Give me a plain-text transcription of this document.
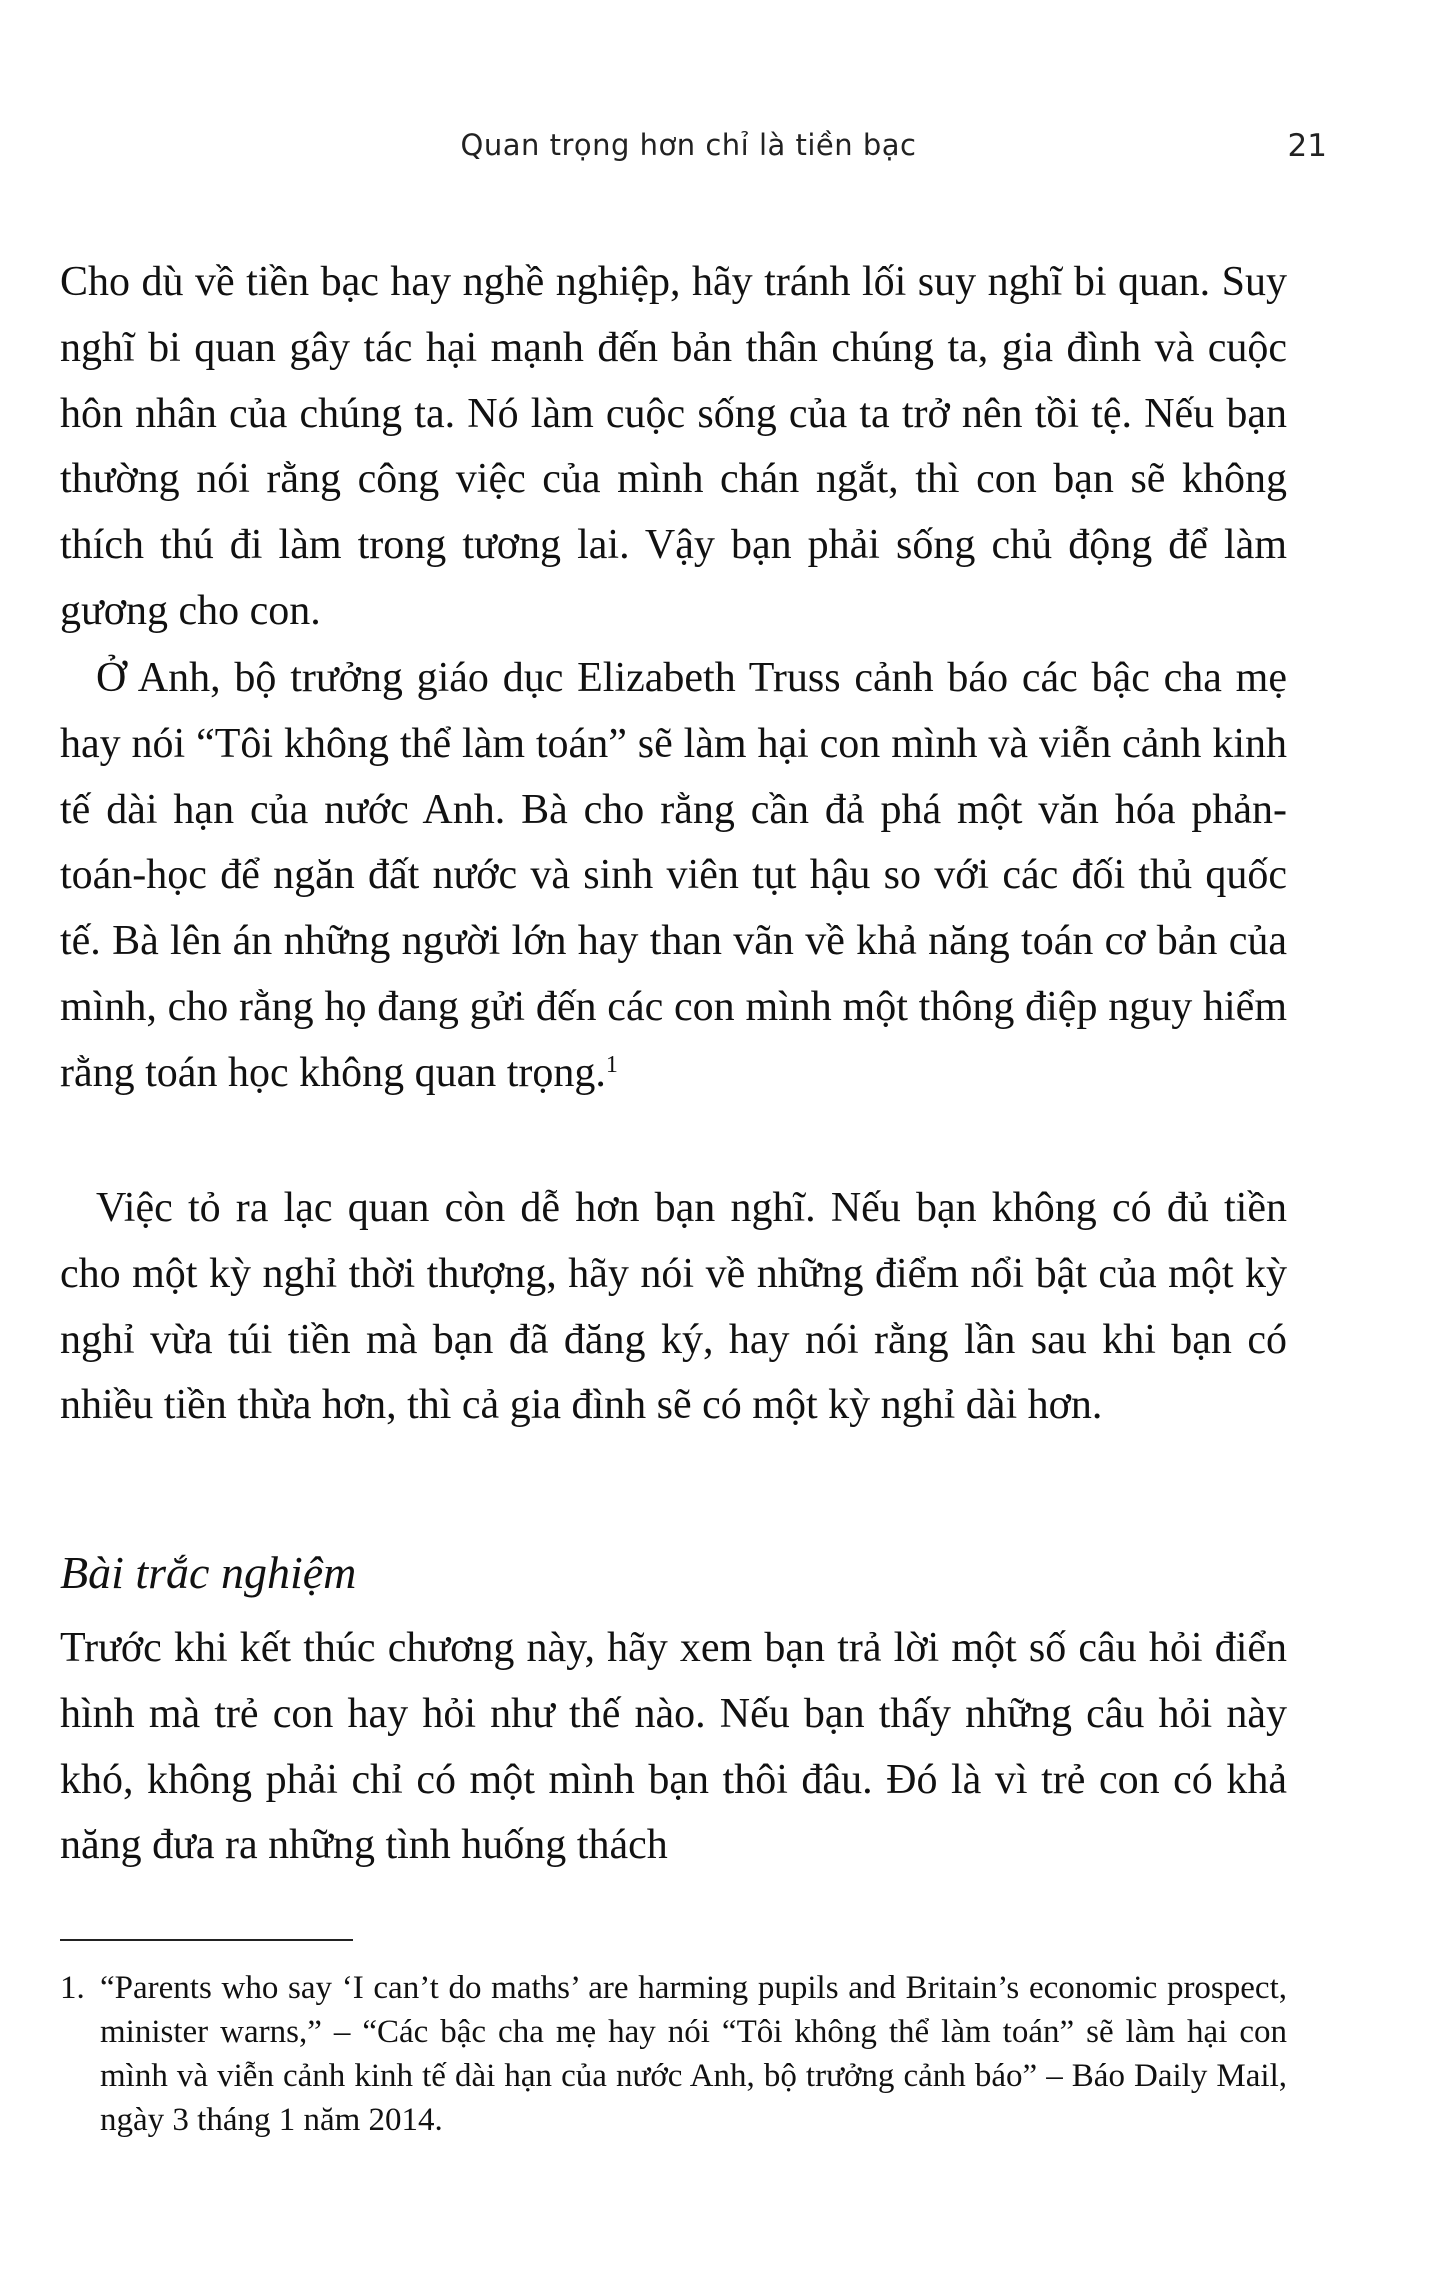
Quan trọng hơn chỉ là tiền bạc	21

Cho dù về tiền bạc hay nghề nghiệp, hãy tránh lối suy nghĩ bi quan. Suy nghĩ bi quan gây tác hại mạnh đến bản thân chúng ta, gia đình và cuộc hôn nhân của chúng ta. Nó làm cuộc sống của ta trở nên tồi tệ. Nếu bạn thường nói rằng công việc của mình chán ngắt, thì con bạn sẽ không thích thú đi làm trong tương lai. Vậy bạn phải sống chủ động để làm gương cho con.

Ở Anh, bộ trưởng giáo dục Elizabeth Truss cảnh báo các bậc cha mẹ hay nói “Tôi không thể làm toán” sẽ làm hại con mình và viễn cảnh kinh tế dài hạn của nước Anh. Bà cho rằng cần đả phá một văn hóa phản-toán-học để ngăn đất nước và sinh viên tụt hậu so với các đối thủ quốc tế. Bà lên án những người lớn hay than vãn về khả năng toán cơ bản của mình, cho rằng họ đang gửi đến các con mình một thông điệp nguy hiểm rằng toán học không quan trọng.$^1$

Việc tỏ ra lạc quan còn dễ hơn bạn nghĩ. Nếu bạn không có đủ tiền cho một kỳ nghỉ thời thượng, hãy nói về những điểm nổi bật của một kỳ nghỉ vừa túi tiền mà bạn đã đăng ký, hay nói rằng lần sau khi bạn có nhiều tiền thừa hơn, thì cả gia đình sẽ có một kỳ nghỉ dài hơn.

Bài trắc nghiệm

Trước khi kết thúc chương này, hãy xem bạn trả lời một số câu hỏi điển hình mà trẻ con hay hỏi như thế nào. Nếu bạn thấy những câu hỏi này khó, không phải chỉ có một mình bạn thôi đâu. Đó là vì trẻ con có khả năng đưa ra những tình huống thách

1. “Parents who say ‘I can’t do maths’ are harming pupils and Britain’s economic prospect, minister warns,” – “Các bậc cha mẹ hay nói “Tôi không thể làm toán” sẽ làm hại con mình và viễn cảnh kinh tế dài hạn của nước Anh, bộ trưởng cảnh báo” – Báo Daily Mail, ngày 3 tháng 1 năm 2014.
